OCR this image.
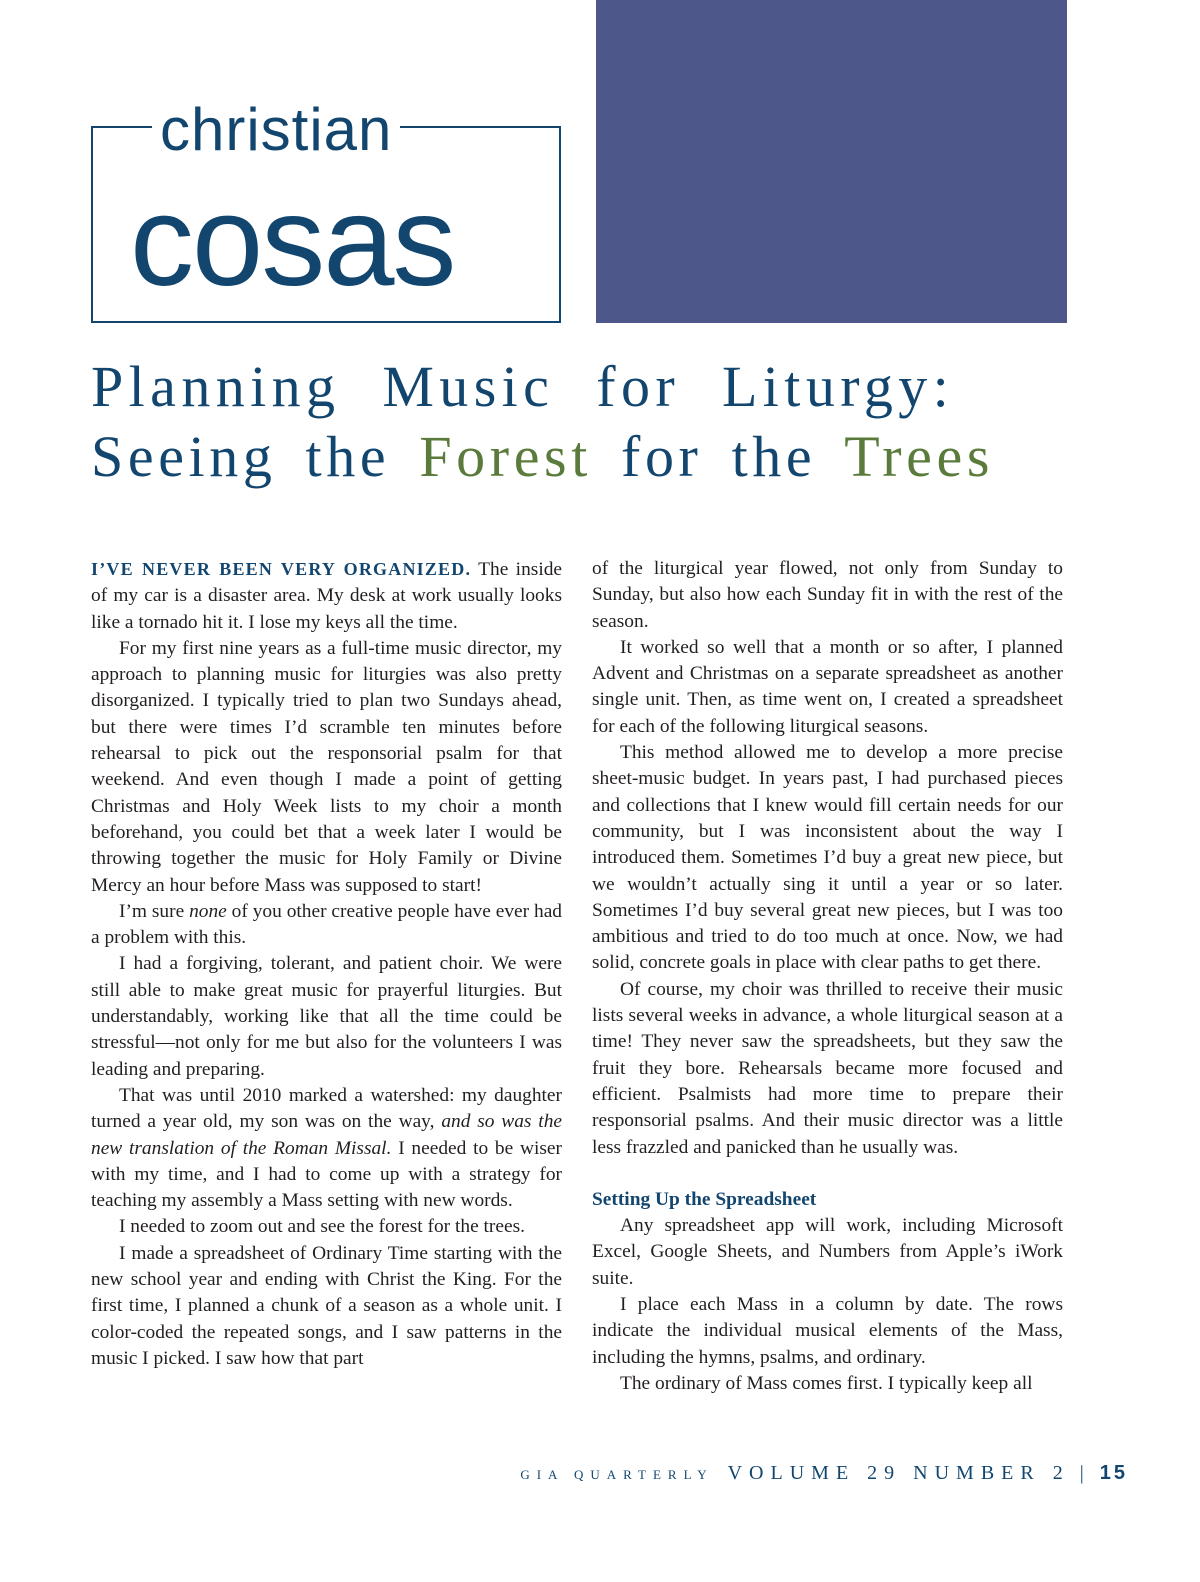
christian
cosas
Planning Music for Liturgy:
Seeing the Forest for the Trees

I’VE NEVER BEEN VERY ORGANIZED. The inside of my car is a disaster area. My desk at work usually looks like a tornado hit it. I lose my keys all the time.

For my first nine years as a full-time music director, my approach to planning music for liturgies was also pretty disorganized. I typically tried to plan two Sundays ahead, but there were times I’d scramble ten minutes before rehearsal to pick out the responsorial psalm for that weekend. And even though I made a point of getting Christmas and Holy Week lists to my choir a month beforehand, you could bet that a week later I would be throwing together the music for Holy Family or Divine Mercy an hour before Mass was supposed to start!

I’m sure none of you other creative people have ever had a problem with this.

I had a forgiving, tolerant, and patient choir. We were still able to make great music for prayerful liturgies. But understandably, working like that all the time could be stressful—not only for me but also for the volunteers I was leading and preparing.

That was until 2010 marked a watershed: my daughter turned a year old, my son was on the way, and so was the new translation of the Roman Missal. I needed to be wiser with my time, and I had to come up with a strategy for teaching my assembly a Mass setting with new words.

I needed to zoom out and see the forest for the trees.

I made a spreadsheet of Ordinary Time starting with the new school year and ending with Christ the King. For the first time, I planned a chunk of a season as a whole unit. I color-coded the repeated songs, and I saw patterns in the music I picked. I saw how that part

of the liturgical year flowed, not only from Sunday to Sunday, but also how each Sunday fit in with the rest of the season.

It worked so well that a month or so after, I planned Advent and Christmas on a separate spreadsheet as another single unit. Then, as time went on, I created a spreadsheet for each of the following liturgical seasons.

This method allowed me to develop a more precise sheet-music budget. In years past, I had purchased pieces and collections that I knew would fill certain needs for our community, but I was inconsistent about the way I introduced them. Sometimes I’d buy a great new piece, but we wouldn’t actually sing it until a year or so later. Sometimes I’d buy several great new pieces, but I was too ambitious and tried to do too much at once. Now, we had solid, concrete goals in place with clear paths to get there.

Of course, my choir was thrilled to receive their music lists several weeks in advance, a whole liturgical season at a time! They never saw the spreadsheets, but they saw the fruit they bore. Rehearsals became more focused and efficient. Psalmists had more time to prepare their responsorial psalms. And their music director was a little less frazzled and panicked than he usually was.

Setting Up the Spreadsheet

Any spreadsheet app will work, including Microsoft Excel, Google Sheets, and Numbers from Apple’s iWork suite.

I place each Mass in a column by date. The rows indicate the individual musical elements of the Mass, including the hymns, psalms, and ordinary.

The ordinary of Mass comes first. I typically keep all

GIA QUARTERLY VOLUME 29 NUMBER 2 | 15
